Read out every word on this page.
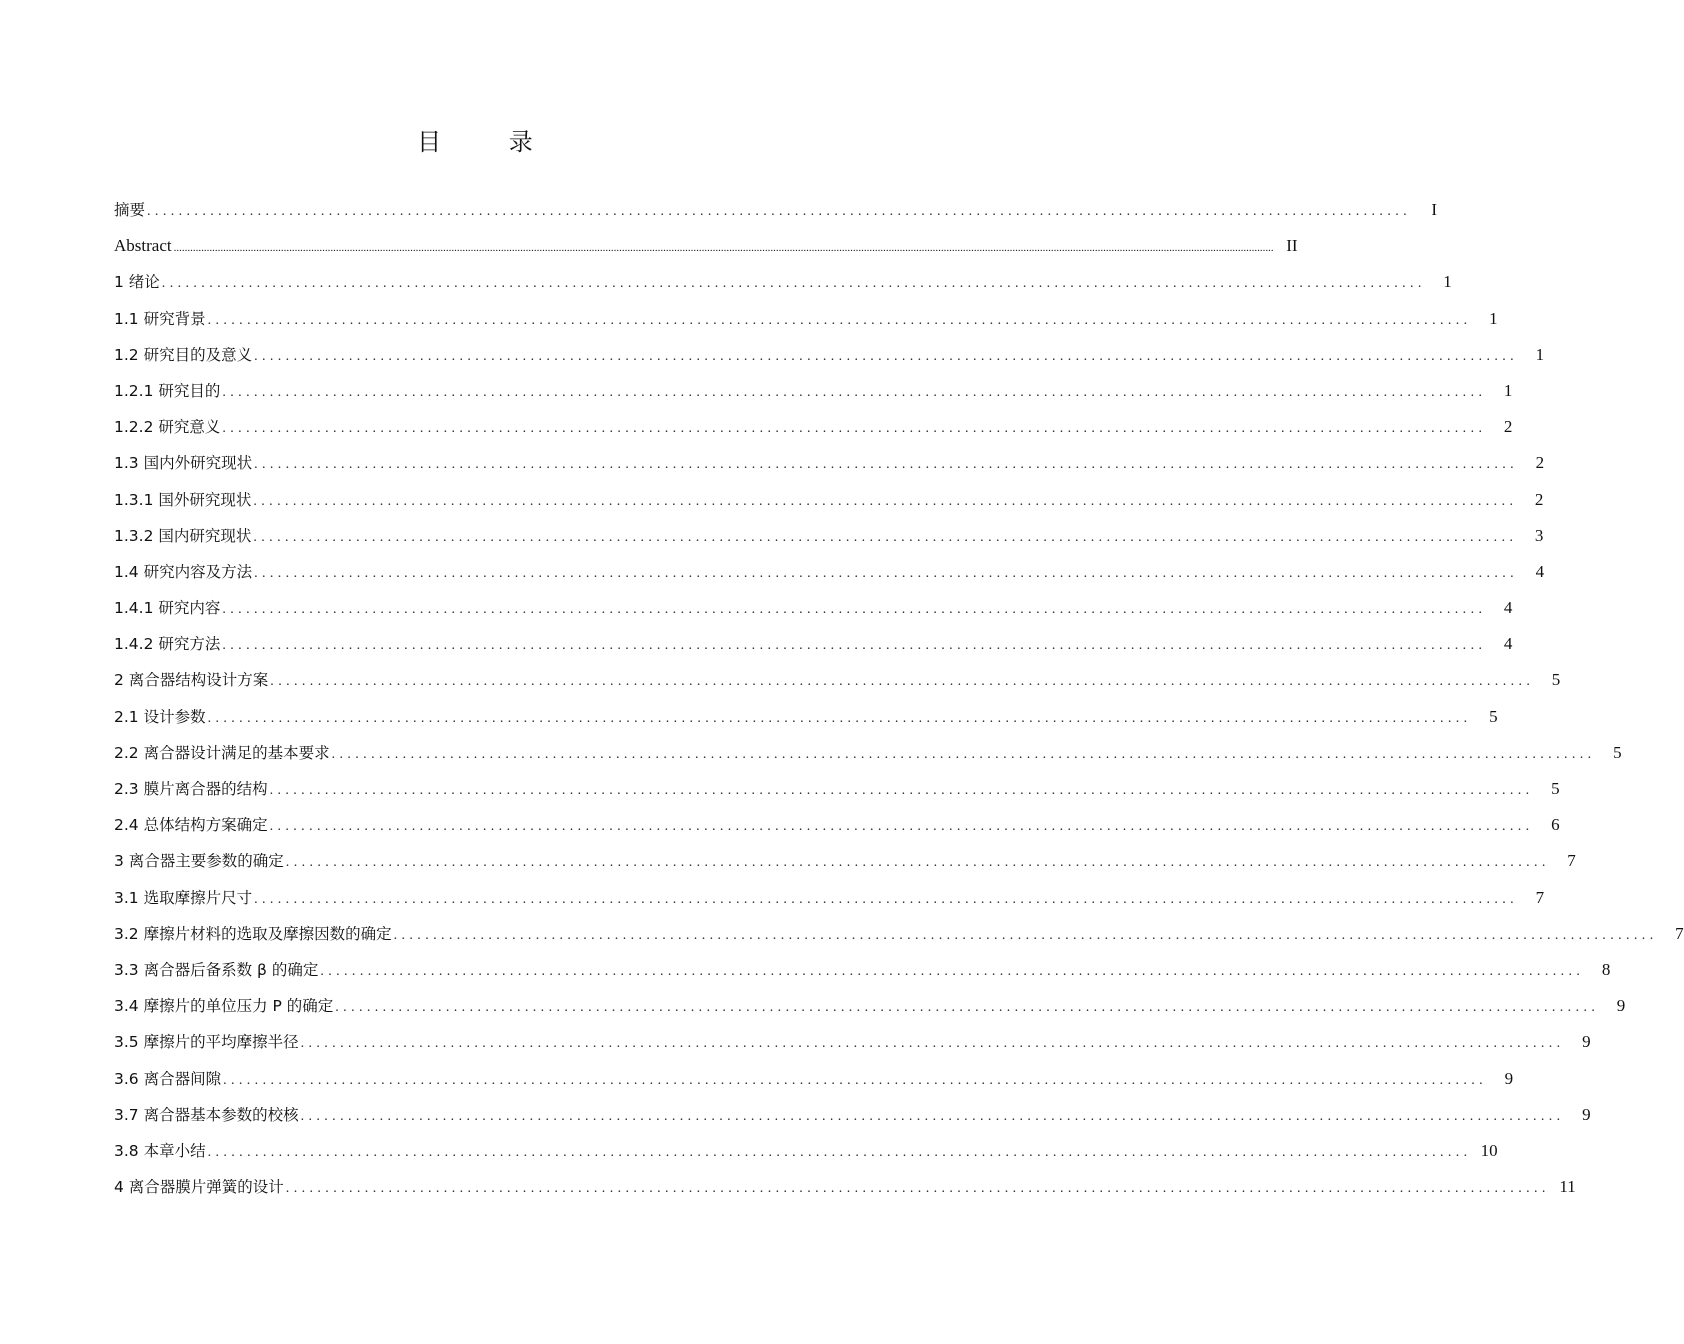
目 录
摘要 ................................................................................................................................................................	I
Abstract ................................................................................................................................................................................................................................................................................................................................................................................................................ II
1 绪论 ................................................................................................................................................................	1
1.1 研究背景 ................................................................................................................................................................	1
1.2 研究目的及意义 ................................................................................................................................................................	1
1.2.1 研究目的 ................................................................................................................................................................	1
1.2.2 研究意义 ................................................................................................................................................................	2
1.3 国内外研究现状 ................................................................................................................................................................	2
1.3.1 国外研究现状 ................................................................................................................................................................	2
1.3.2 国内研究现状 ................................................................................................................................................................	3
1.4 研究内容及方法 ................................................................................................................................................................	4
1.4.1 研究内容 ................................................................................................................................................................	4
1.4.2 研究方法 ................................................................................................................................................................	4
2 离合器结构设计方案 ................................................................................................................................................................	5
2.1 设计参数 ................................................................................................................................................................	5
2.2 离合器设计满足的基本要求 ................................................................................................................................................................	5
2.3 膜片离合器的结构 ................................................................................................................................................................	5
2.4 总体结构方案确定 ................................................................................................................................................................	6
3 离合器主要参数的确定 ................................................................................................................................................................	7
3.1 选取摩擦片尺寸 ................................................................................................................................................................	7
3.2 摩擦片材料的选取及摩擦因数的确定 ................................................................................................................................................................	7
3.3 离合器后备系数 β 的确定 ................................................................................................................................................................	8
3.4 摩擦片的单位压力 P 的确定 ................................................................................................................................................................	9
3.5 摩擦片的平均摩擦半径 ................................................................................................................................................................	9
3.6 离合器间隙 ................................................................................................................................................................	9
3.7 离合器基本参数的校核 ................................................................................................................................................................	9
3.8 本章小结 ................................................................................................................................................................ 10
4 离合器膜片弹簧的设计 ................................................................................................................................................................ 11
